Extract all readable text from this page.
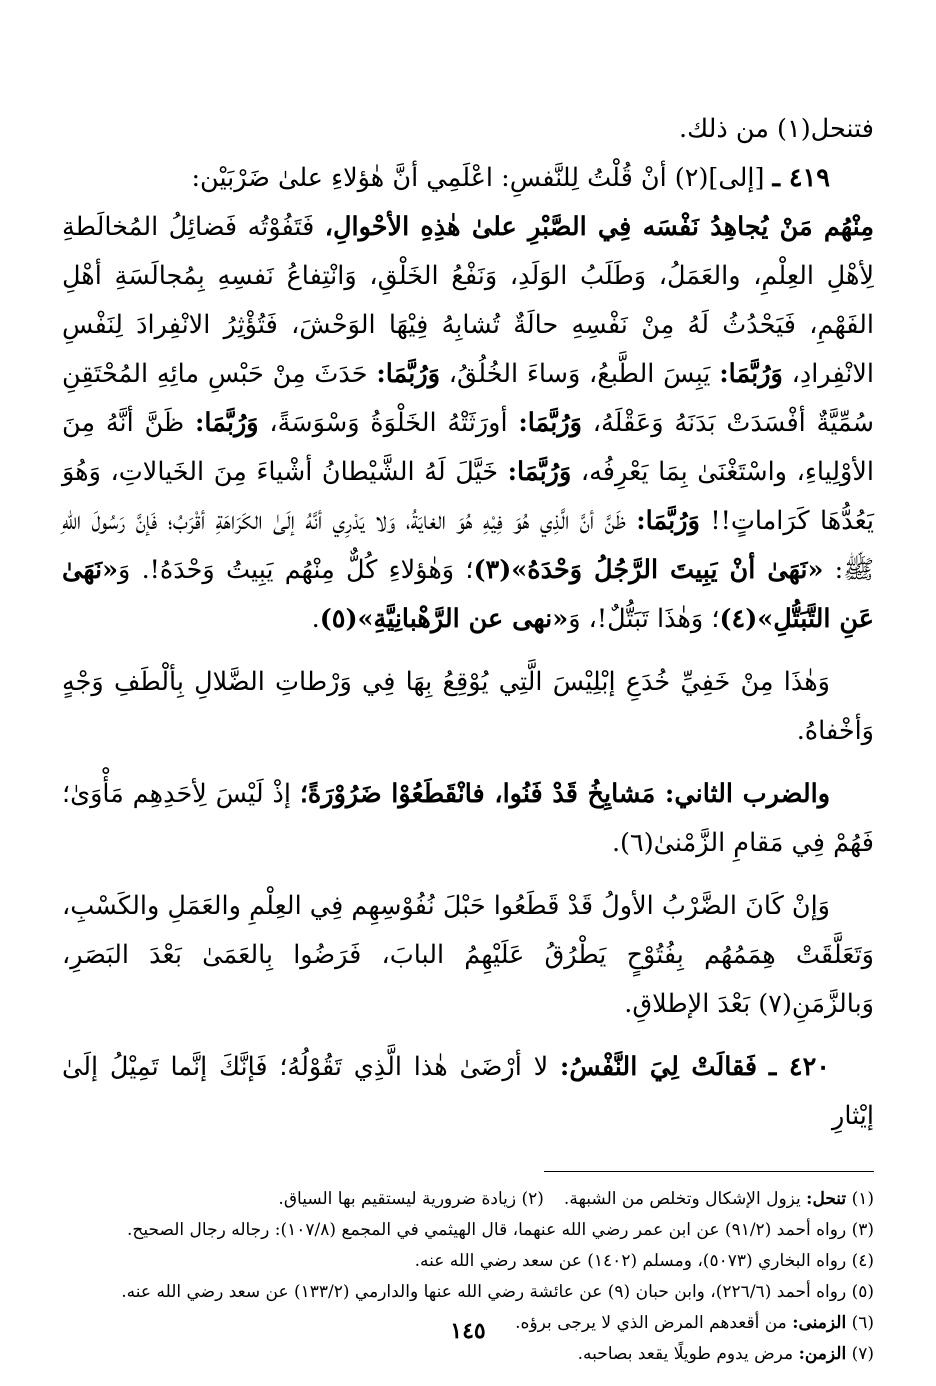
فتنحل(١) من ذلك.

٤١٩ ـ [إلى](٢) أنْ قُلْتُ لِلنَّفسِ: اعْلَمِي أنَّ هٰؤلاءِ علىٰ ضَرْبَيْن:

مِنْهُم مَنْ يُجاهِدُ نَفْسَه فِي الصَّبْرِ علىٰ هٰذِهِ الأحْوالِ، فَتَفُوْتُه فَضائِلُ المُخالَطةِ لِأهْلِ العِلْمِ، والعَمَلُ، وَطَلَبُ الوَلَدِ، وَنَفْعُ الخَلْقِ، وَانْتِفاعُ نَفسِهِ بِمُجالَسَةِ أهْلِ الفَهْمِ، فَيَحْدُثُ لَهُ مِنْ نَفْسِهِ حالَةٌ تُشابِهُ فِيْهَا الوَحْشَ، فَتُؤْثِرُ الانْفِرادَ لِنَفْسِ الانْفِرادِ، وَرُبَّمَا: يَبِسَ الطَّبعُ، وَساءَ الخُلُقُ، وَرُبَّمَا: حَدَثَ مِنْ حَبْسِ مائِهِ المُحْتَقِنِ سُمِّيَّةٌ أفْسَدَتْ بَدَنَهُ وَعَقْلَهُ، وَرُبَّمَا: أورَثَتْهُ الخَلْوَةُ وَسْوَسَةً، وَرُبَّمَا: ظَنَّ أنَّهُ مِنَ الأوْلِياءِ، واسْتَغْنَىٰ بِمَا يَعْرِفُه، وَرُبَّمَا: خَيَّلَ لَهُ الشَّيْطانُ أشْياءَ مِنَ الخَيالاتِ، وَهُوَ يَعُدُّهَا كَرَاماتٍ!! وَرُبَّمَا: ظَنَّ أنَّ الَّذِي هُوَ فِيْهِ هُوَ الغايَةُ، وَلا يَدْرِي أنَّهُ إلَىٰ الكَرَاهَةِ أقْرَبُ؛ فَإنَّ رَسُولَ اللهِ ﷺ: «نَهَىٰ أنْ يَبِيتَ الرَّجُلُ وَحْدَهُ»(٣)؛ وَهٰؤلاءِ كُلٌّ مِنْهُم يَبِيتُ وَحْدَهُ!. وَ«نَهَىٰ عَنِ التَّبَتُّلِ»(٤)؛ وَهٰذَا تَبَتُّلٌ!، وَ«نهى عن الرَّهْبانِيَّةِ»(٥).

وَهٰذَا مِنْ خَفِيِّ خُدَعِ إبْلِيْسَ الَّتِي يُوْقِعُ بِهَا فِي وَرْطاتِ الضَّلالِ بِألْطَفِ وَجْهٍ وَأخْفاهُ.

والضرب الثاني: مَشايِخُ قَدْ فَنُوا، فانْقَطَعُوْا ضَرُوْرَةً؛ إذْ لَيْسَ لِأحَدِهِم مَأْوَىٰ؛ فَهُمْ فِي مَقامِ الزَّمْنىٰ(٦).

وَإنْ كَانَ الضَّرْبُ الأولُ قَدْ قَطَعُوا حَبْلَ نُفُوْسِهِم فِي العِلْمِ والعَمَلِ والكَسْبِ، وَتَعَلَّقَتْ هِمَمُهُم بِفُتُوْحٍ يَطْرُقُ عَلَيْهِمُ البابَ، فَرَضُوا بِالعَمَىٰ بَعْدَ البَصَرِ، وَبالزَّمَنِ(٧) بَعْدَ الإطلاقِ.

٤٢٠ ـ فَقالَتْ لِيَ النَّفْسُ: لا أرْضَىٰ هٰذا الَّذِي تَقُوْلُهُ؛ فَإنَّكَ إنَّما تَمِيْلُ إلَىٰ إيْثارِ

(١) تنحل: يزول الإشكال وتخلص من الشبهة.(٢) زيادة ضرورية ليستقيم بها السياق.

(٣) رواه أحمد (٩١/٢) عن ابن عمر رضي الله عنهما، قال الهيثمي في المجمع (١٠٧/٨): رجاله رجال الصحيح.

(٤) رواه البخاري (٥٠٧٣)، ومسلم (١٤٠٢) عن سعد رضي الله عنه.

(٥) رواه أحمد (٢٢٦/٦)، وابن حبان (٩) عن عائشة رضي الله عنها والدارمي (١٣٣/٢) عن سعد رضي الله عنه.

(٦) الزمنى: من أقعدهم المرض الذي لا يرجى برؤه.

(٧) الزمن: مرض يدوم طويلًا يقعد بصاحبه.

١٤٥
